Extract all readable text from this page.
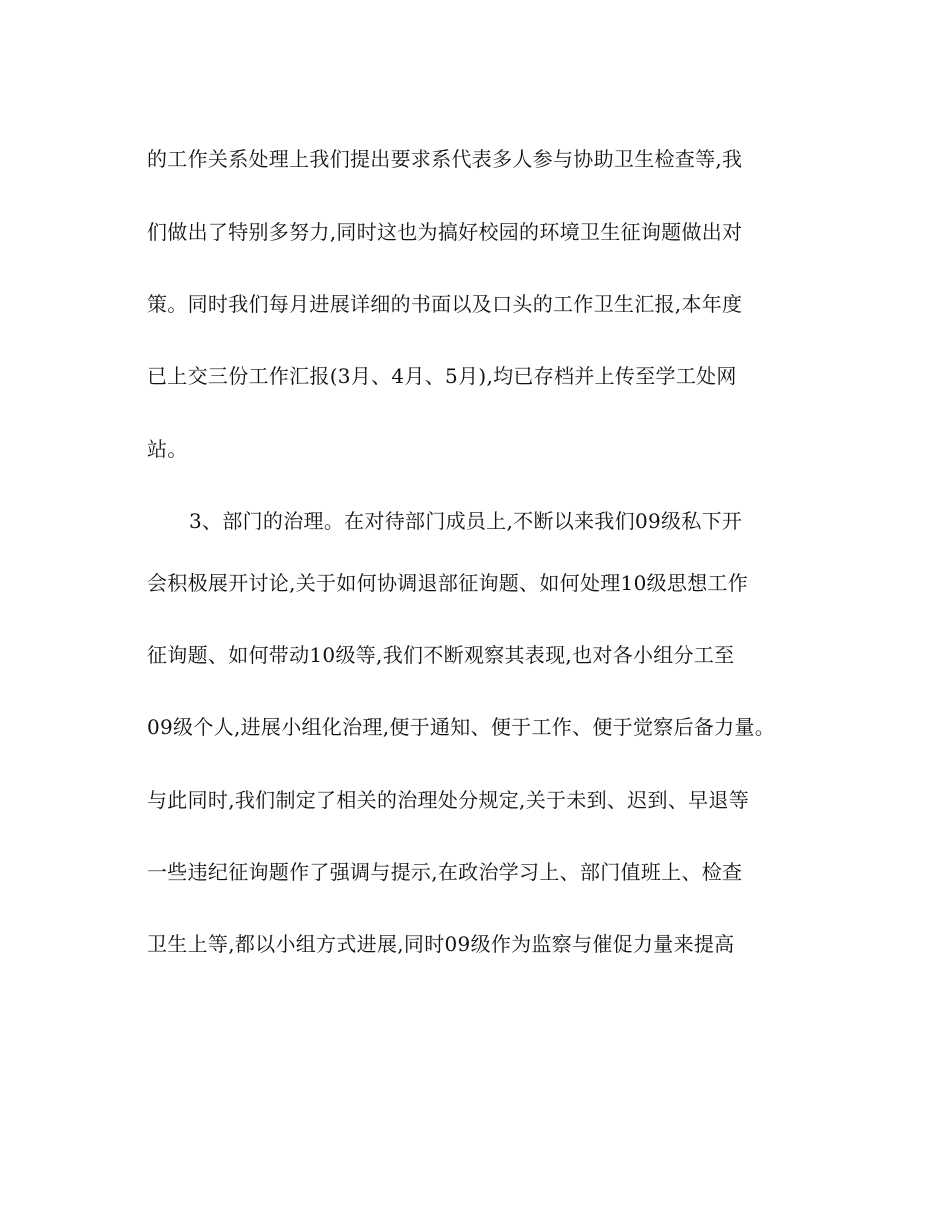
的工作关系处理上我们提出要求系代表多人参与协助卫生检查等,我
们做出了特别多努力,同时这也为搞好校园的环境卫生征询题做出对
策。同时我们每月进展详细的书面以及口头的工作卫生汇报,本年度
已上交三份工作汇报(3月、4月、5月),均已存档并上传至学工处网
站。
3、部门的治理。在对待部门成员上,不断以来我们09级私下开
会积极展开讨论,关于如何协调退部征询题、如何处理10级思想工作
征询题、如何带动10级等,我们不断观察其表现,也对各小组分工至
09级个人,进展小组化治理,便于通知、便于工作、便于觉察后备力量。
与此同时,我们制定了相关的治理处分规定,关于未到、迟到、早退等
一些违纪征询题作了强调与提示,在政治学习上、部门值班上、检查
卫生上等,都以小组方式进展,同时09级作为监察与催促力量来提高
